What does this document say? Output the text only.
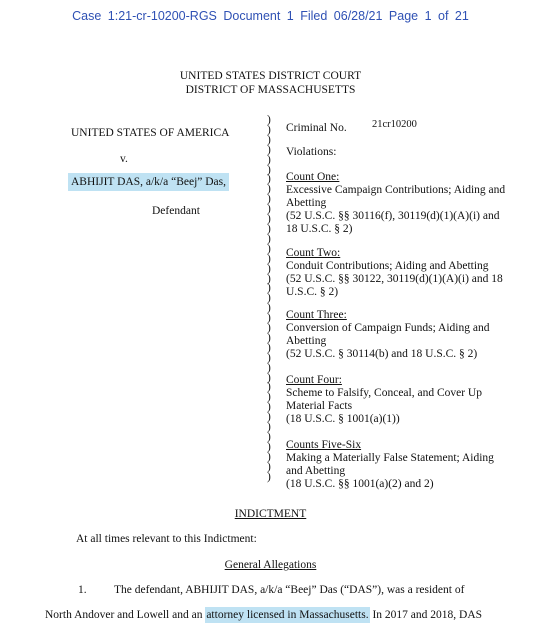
Case 1:21-cr-10200-RGS Document 1 Filed 06/28/21 Page 1 of 21
UNITED STATES DISTRICT COURT
DISTRICT OF MASSACHUSETTS
UNITED STATES OF AMERICA
v.
ABHIJIT DAS, a/k/a “Beej” Das,
Defendant
)
)
)
)
)
)
)
)
)
)
)
)
)
)
)
)
)
)
)
)
)
)
)
)
)
)
)
)
)
)
)
)
)
)
)
)
)
Criminal No. 21cr10200
Violations:
Count One:
Excessive Campaign Contributions; Aiding and
Abetting
(52 U.S.C. §§ 30116(f), 30119(d)(1)(A)(i) and
18 U.S.C. § 2)
Count Two:
Conduit Contributions; Aiding and Abetting
(52 U.S.C. §§ 30122, 30119(d)(1)(A)(i) and 18
U.S.C. § 2)
Count Three:
Conversion of Campaign Funds; Aiding and
Abetting
(52 U.S.C. § 30114(b) and 18 U.S.C. § 2)
Count Four:
Scheme to Falsify, Conceal, and Cover Up
Material Facts
(18 U.S.C. § 1001(a)(1))
Counts Five-Six
Making a Materially False Statement; Aiding
and Abetting
(18 U.S.C. §§ 1001(a)(2) and 2)
INDICTMENT
At all times relevant to this Indictment:
General Allegations
1. The defendant, ABHIJIT DAS, a/k/a “Beej” Das (“DAS”), was a resident of
North Andover and Lowell and an attorney licensed in Massachusetts. In 2017 and 2018, DAS
